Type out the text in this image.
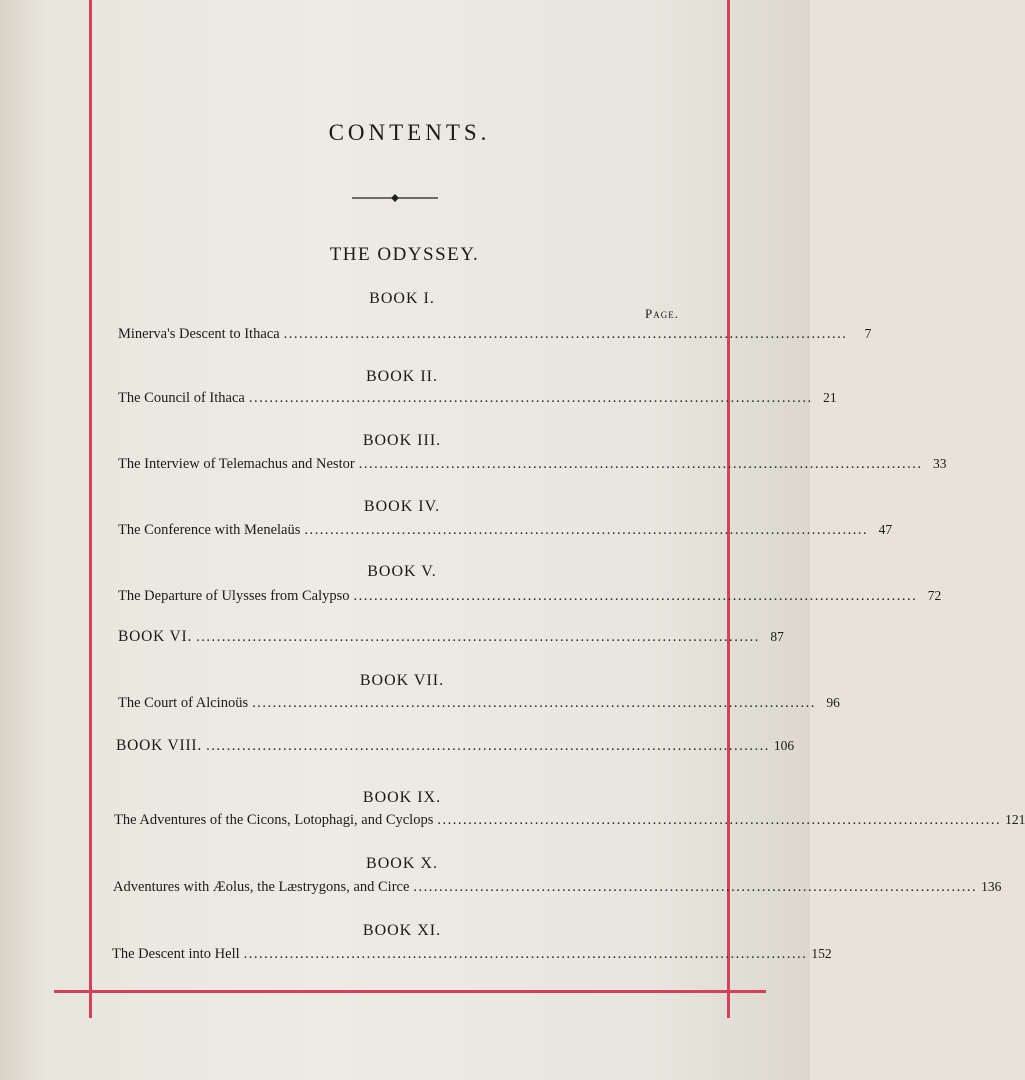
CONTENTS.
THE ODYSSEY.
Page.
BOOK I.
Minerva's Descent to Ithaca ..............................................................................................................	7
BOOK II.
The Council of Ithaca .............................................................................................................. 21
BOOK III.
The Interview of Telemachus and Nestor .............................................................................................................. 33
BOOK IV.
The Conference with Menelaüs .............................................................................................................. 47
BOOK V.
The Departure of Ulysses from Calypso .............................................................................................................. 72
BOOK VI. .............................................................................................................. 87
BOOK VII.
The Court of Alcinoüs .............................................................................................................. 96
BOOK VIII. .............................................................................................................. 106
BOOK IX.
The Adventures of the Cicons, Lotophagi, and Cyclops .............................................................................................................. 121
BOOK X.
Adventures with Æolus, the Læstrygons, and Circe .............................................................................................................. 136
BOOK XI.
The Descent into Hell .............................................................................................................. 152
